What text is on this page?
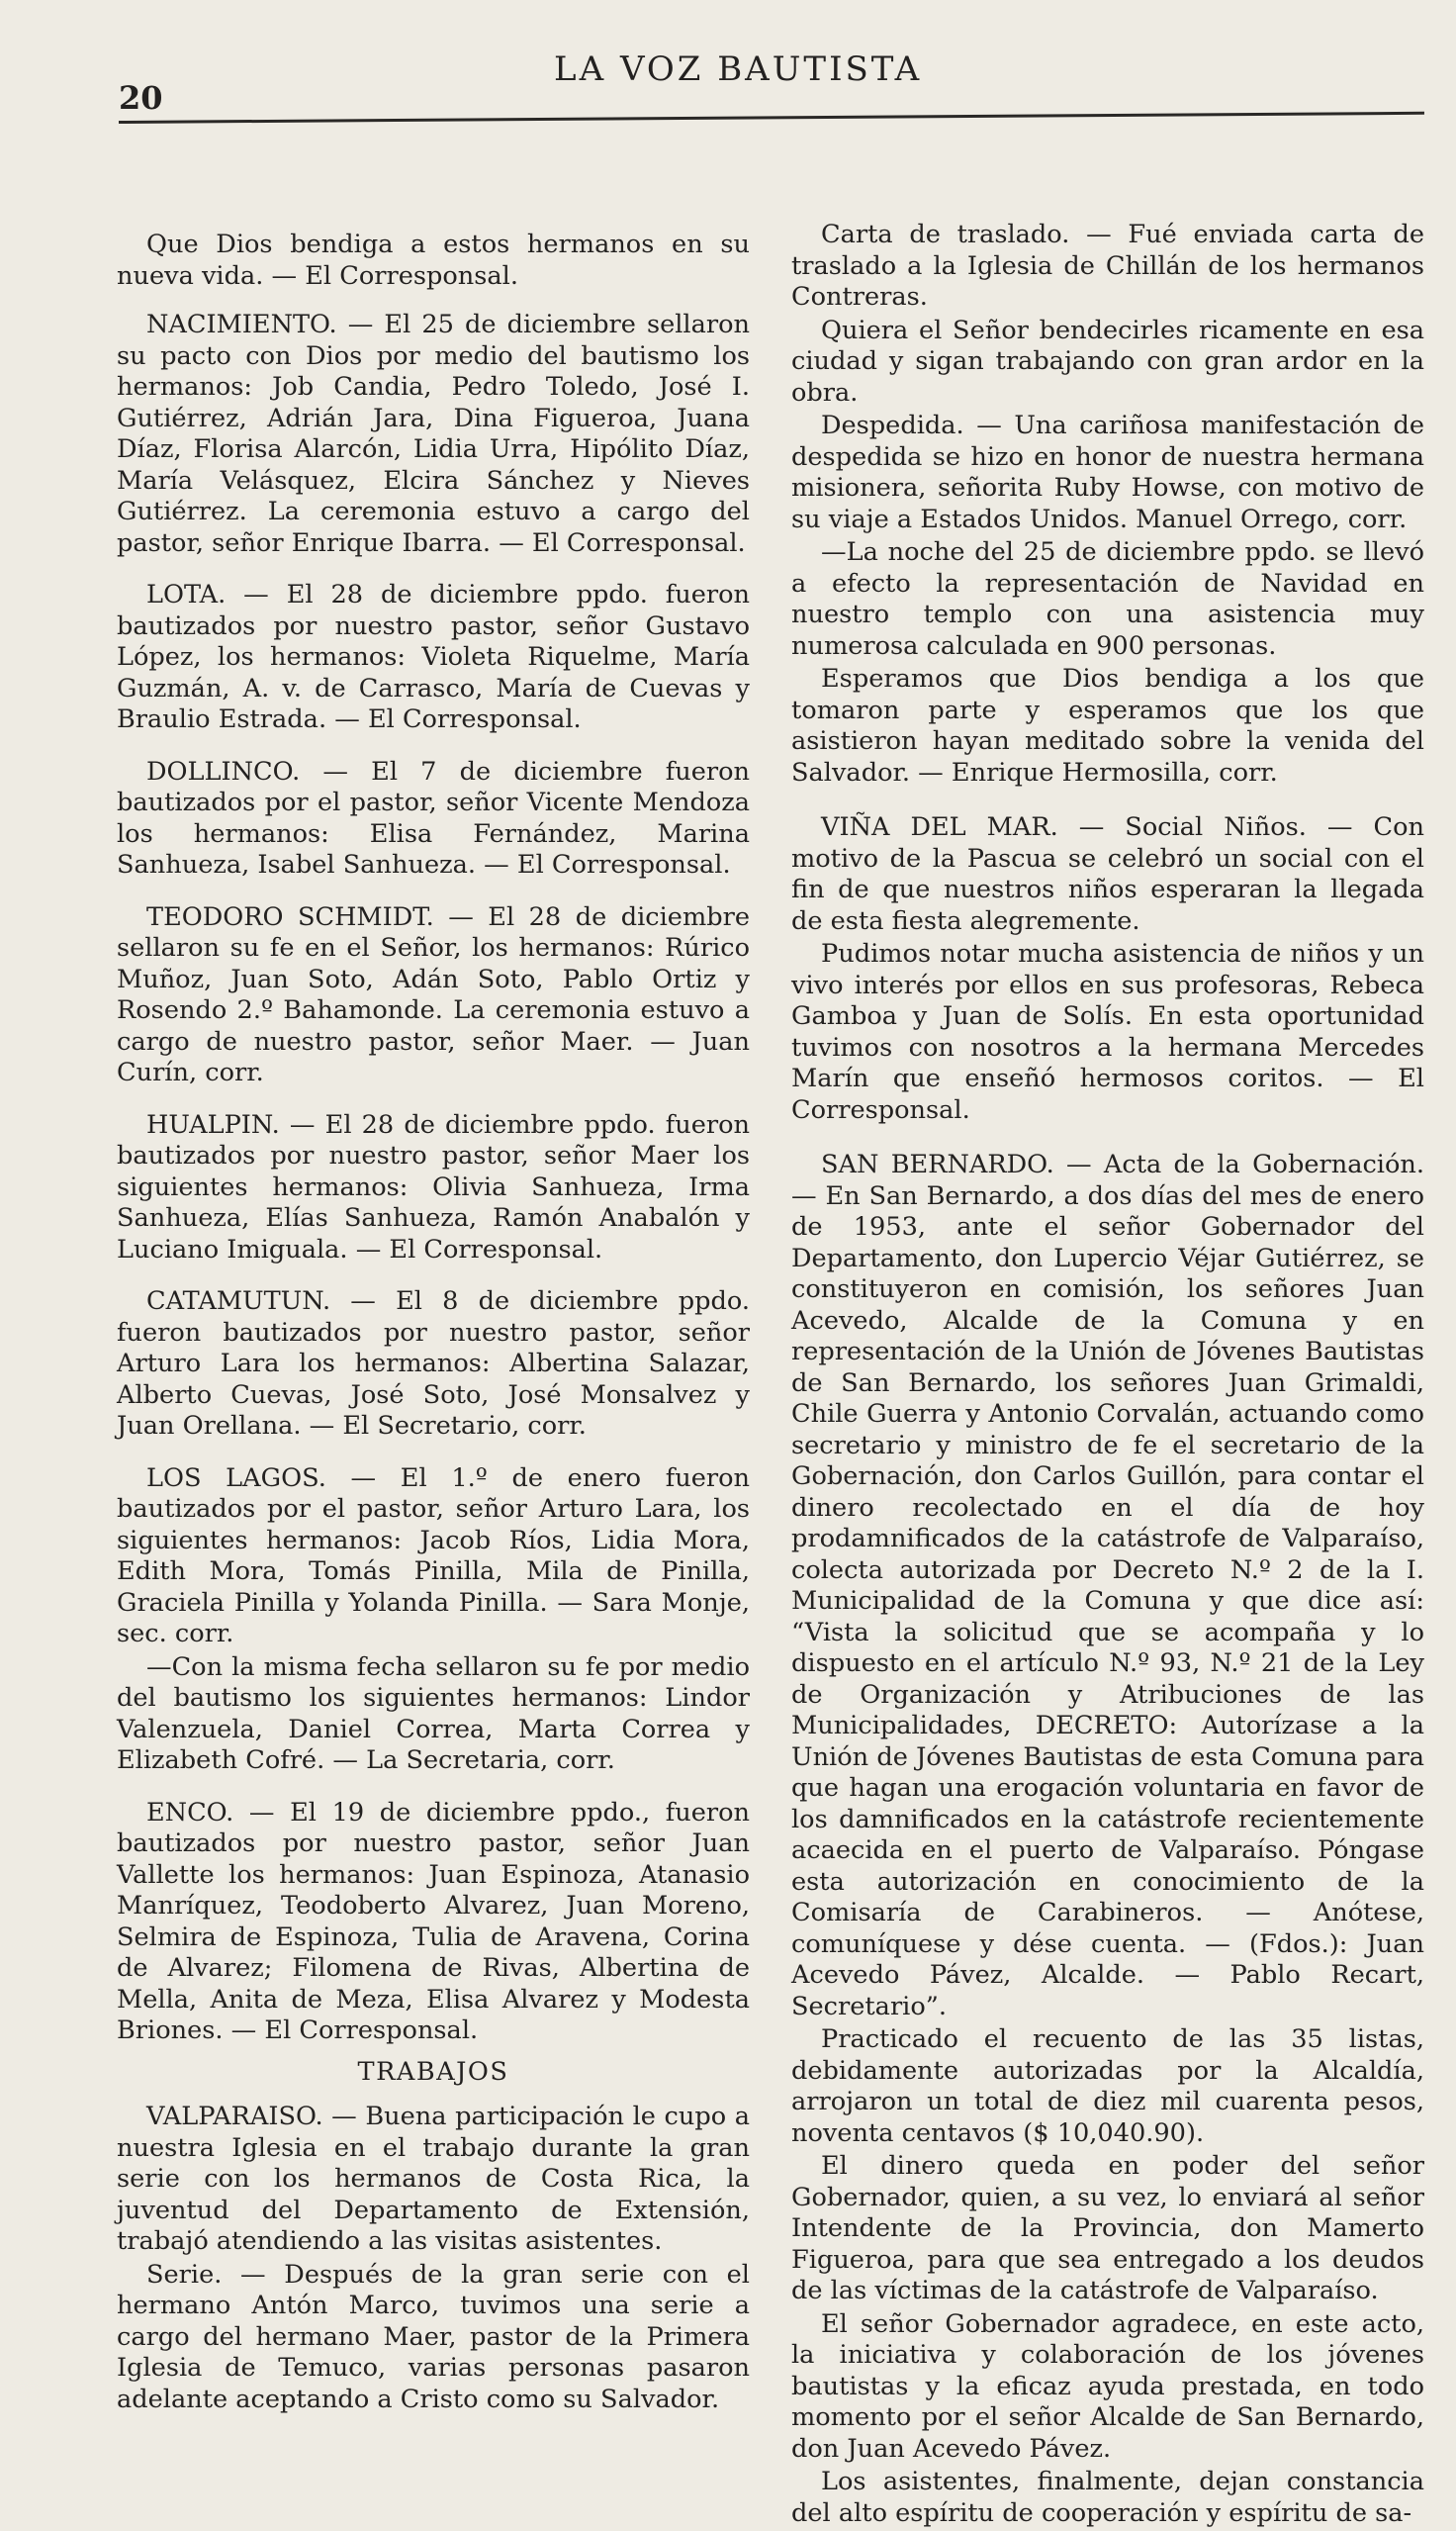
20
LA VOZ BAUTISTA

Que Dios bendiga a estos hermanos en su nueva vida. — El Corresponsal.

NACIMIENTO. — El 25 de diciembre sellaron su pacto con Dios por medio del bautismo los hermanos: Job Candia, Pedro Toledo, José I. Gutiérrez, Adrián Jara, Dina Figueroa, Juana Díaz, Florisa Alarcón, Lidia Urra, Hipólito Díaz, María Velásquez, Elcira Sánchez y Nieves Gutiérrez. La ceremonia estuvo a cargo del pastor, señor Enrique Ibarra. — El Corresponsal.

LOTA. — El 28 de diciembre ppdo. fueron bautizados por nuestro pastor, señor Gustavo López, los hermanos: Violeta Riquelme, María Guzmán, A. v. de Carrasco, María de Cuevas y Braulio Estrada. — El Corresponsal.

DOLLINCO. — El 7 de diciembre fueron bautizados por el pastor, señor Vicente Mendoza los hermanos: Elisa Fernández, Marina Sanhueza, Isabel Sanhueza. — El Corresponsal.

TEODORO SCHMIDT. — El 28 de diciembre sellaron su fe en el Señor, los hermanos: Rúrico Muñoz, Juan Soto, Adán Soto, Pablo Ortiz y Rosendo 2.º Bahamonde. La ceremonia estuvo a cargo de nuestro pastor, señor Maer. — Juan Curín, corr.

HUALPIN. — El 28 de diciembre ppdo. fueron bautizados por nuestro pastor, señor Maer los siguientes hermanos: Olivia Sanhueza, Irma Sanhueza, Elías Sanhueza, Ramón Anabalón y Luciano Imiguala. — El Corresponsal.

CATAMUTUN. — El 8 de diciembre ppdo. fueron bautizados por nuestro pastor, señor Arturo Lara los hermanos: Albertina Salazar, Alberto Cuevas, José Soto, José Monsalvez y Juan Orellana. — El Secretario, corr.

LOS LAGOS. — El 1.º de enero fueron bautizados por el pastor, señor Arturo Lara, los siguientes hermanos: Jacob Ríos, Lidia Mora, Edith Mora, Tomás Pinilla, Mila de Pinilla, Graciela Pinilla y Yolanda Pinilla. — Sara Monje, sec. corr.

—Con la misma fecha sellaron su fe por medio del bautismo los siguientes hermanos: Lindor Valenzuela, Daniel Correa, Marta Correa y Elizabeth Cofré. — La Secretaria, corr.

ENCO. — El 19 de diciembre ppdo., fueron bautizados por nuestro pastor, señor Juan Vallette los hermanos: Juan Espinoza, Atanasio Manríquez, Teodoberto Alvarez, Juan Moreno, Selmira de Espinoza, Tulia de Aravena, Corina de Alvarez; Filomena de Rivas, Albertina de Mella, Anita de Meza, Elisa Alvarez y Modesta Briones. — El Corresponsal.

TRABAJOS

VALPARAISO. — Buena participación le cupo a nuestra Iglesia en el trabajo durante la gran serie con los hermanos de Costa Rica, la juventud del Departamento de Extensión, trabajó atendiendo a las visitas asistentes.

Serie. — Después de la gran serie con el hermano Antón Marco, tuvimos una serie a cargo del hermano Maer, pastor de la Primera Iglesia de Temuco, varias personas pasaron adelante aceptando a Cristo como su Salvador.

Carta de traslado. — Fué enviada carta de traslado a la Iglesia de Chillán de los hermanos Contreras.

Quiera el Señor bendecirles ricamente en esa ciudad y sigan trabajando con gran ardor en la obra.

Despedida. — Una cariñosa manifestación de despedida se hizo en honor de nuestra hermana misionera, señorita Ruby Howse, con motivo de su viaje a Estados Unidos. Manuel Orrego, corr.

—La noche del 25 de diciembre ppdo. se llevó a efecto la representación de Navidad en nuestro templo con una asistencia muy numerosa calculada en 900 personas.

Esperamos que Dios bendiga a los que tomaron parte y esperamos que los que asistieron hayan meditado sobre la venida del Salvador. — Enrique Hermosilla, corr.

VIÑA DEL MAR. — Social Niños. — Con motivo de la Pascua se celebró un social con el fin de que nuestros niños esperaran la llegada de esta fiesta alegremente.

Pudimos notar mucha asistencia de niños y un vivo interés por ellos en sus profesoras, Rebeca Gamboa y Juan de Solís. En esta oportunidad tuvimos con nosotros a la hermana Mercedes Marín que enseñó hermosos coritos. — El Corresponsal.

SAN BERNARDO. — Acta de la Gobernación. — En San Bernardo, a dos días del mes de enero de 1953, ante el señor Gobernador del Departamento, don Lupercio Véjar Gutiérrez, se constituyeron en comisión, los señores Juan Acevedo, Alcalde de la Comuna y en representación de la Unión de Jóvenes Bautistas de San Bernardo, los señores Juan Grimaldi, Chile Guerra y Antonio Corvalán, actuando como secretario y ministro de fe el secretario de la Gobernación, don Carlos Guillón, para contar el dinero recolectado en el día de hoy prodamnificados de la catástrofe de Valparaíso, colecta autorizada por Decreto N.º 2 de la I. Municipalidad de la Comuna y que dice así: “Vista la solicitud que se acompaña y lo dispuesto en el artículo N.º 93, N.º 21 de la Ley de Organización y Atribuciones de las Municipalidades, DECRETO: Autorízase a la Unión de Jóvenes Bautistas de esta Comuna para que hagan una erogación voluntaria en favor de los damnificados en la catástrofe recientemente acaecida en el puerto de Valparaíso. Póngase esta autorización en conocimiento de la Comisaría de Carabineros. — Anótese, comuníquese y dése cuenta. — (Fdos.): Juan Acevedo Pávez, Alcalde. — Pablo Recart, Secretario”.

Practicado el recuento de las 35 listas, debidamente autorizadas por la Alcaldía, arrojaron un total de diez mil cuarenta pesos, noventa centavos ($ 10,040.90).

El dinero queda en poder del señor Gobernador, quien, a su vez, lo enviará al señor Intendente de la Provincia, don Mamerto Figueroa, para que sea entregado a los deudos de las víctimas de la catástrofe de Valparaíso.

El señor Gobernador agradece, en este acto, la iniciativa y colaboración de los jóvenes bautistas y la eficaz ayuda prestada, en todo momento por el señor Alcalde de San Bernardo, don Juan Acevedo Pávez.

Los asistentes, finalmente, dejan constancia del alto espíritu de cooperación y espíritu de sa-
